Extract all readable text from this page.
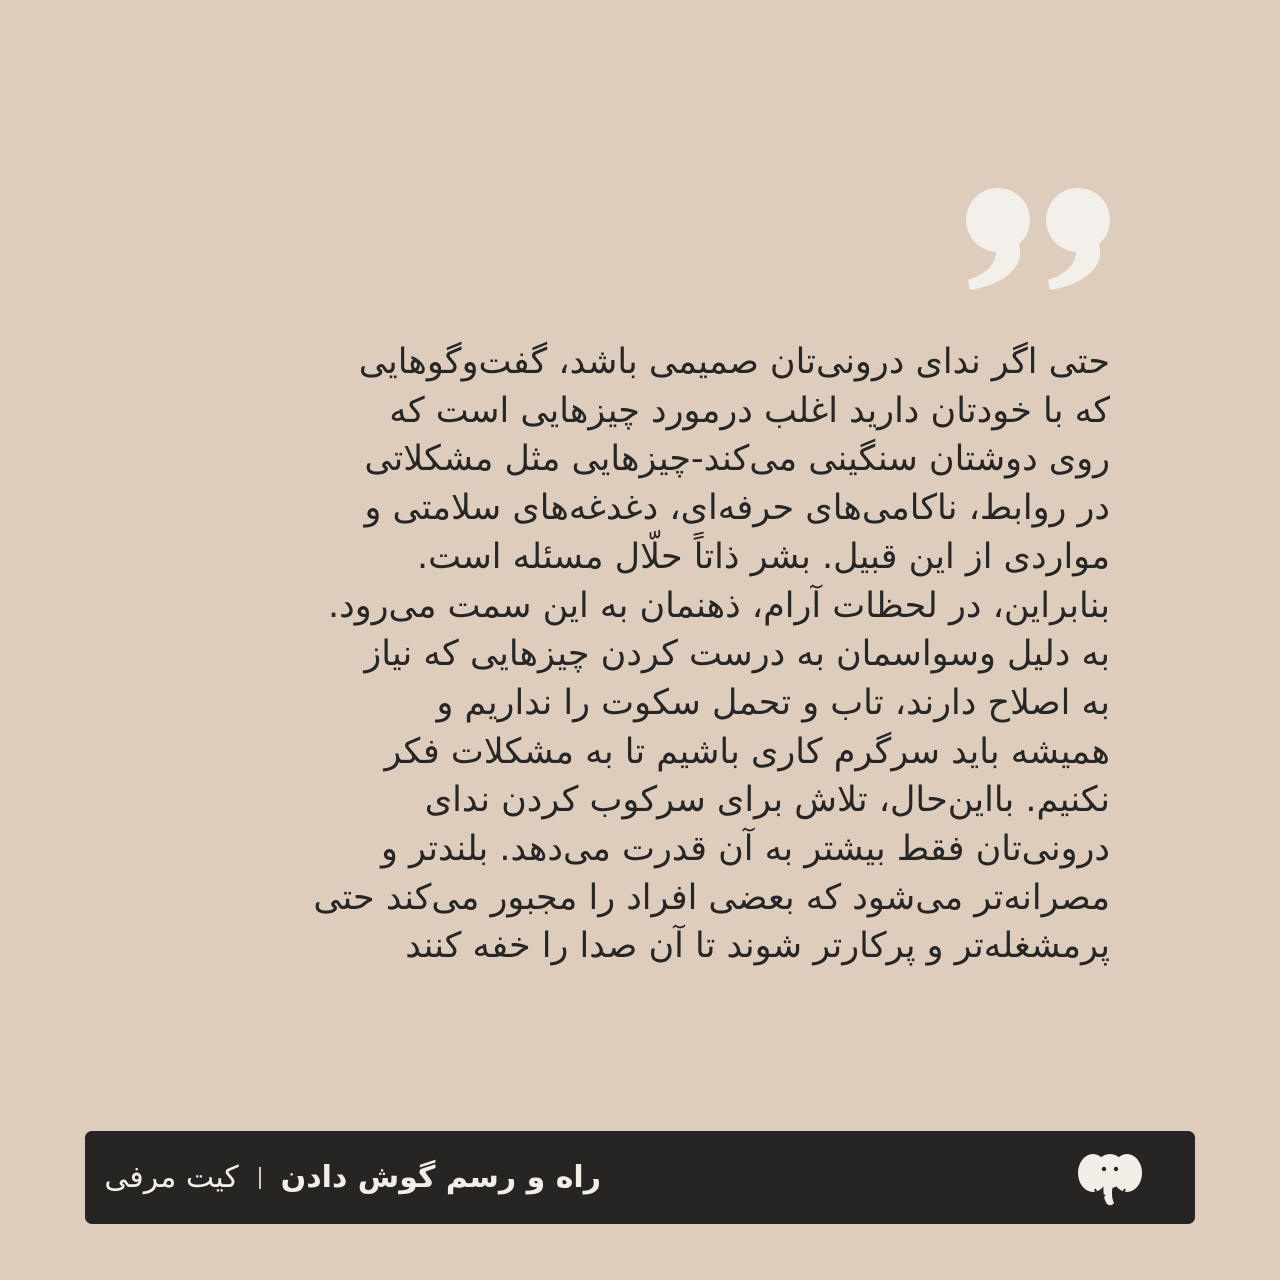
حتی اگر ندای درونی‌تان صمیمی باشد، گفت‌وگوهایی
که با خودتان دارید اغلب درمورد چیزهایی است که
روی دوشتان سنگینی می‌کند-چیزهایی مثل مشکلاتی
در روابط، ناکامی‌های حرفه‌ای، دغدغه‌های سلامتی و
مواردی از این قبیل. بشر ذاتاً حلّال مسئله است.
بنابراین، در لحظات آرام، ذهنمان به این سمت می‌رود.
به دلیل وسواسمان به درست کردن چیزهایی که نیاز
به اصلاح دارند، تاب و تحمل سکوت را نداریم و
همیشه باید سرگرم کاری باشیم تا به مشکلات فکر
نکنیم. بااین‌حال، تلاش برای سرکوب کردن ندای
درونی‌تان فقط بیشتر به آن قدرت می‌دهد. بلندتر و
مصرانه‌تر می‌شود که بعضی افراد را مجبور می‌کند حتی
پرمشغله‌تر و پرکارتر شوند تا آن صدا را خفه کنند

راه و رسم گوش دادن
کیت مرفی
